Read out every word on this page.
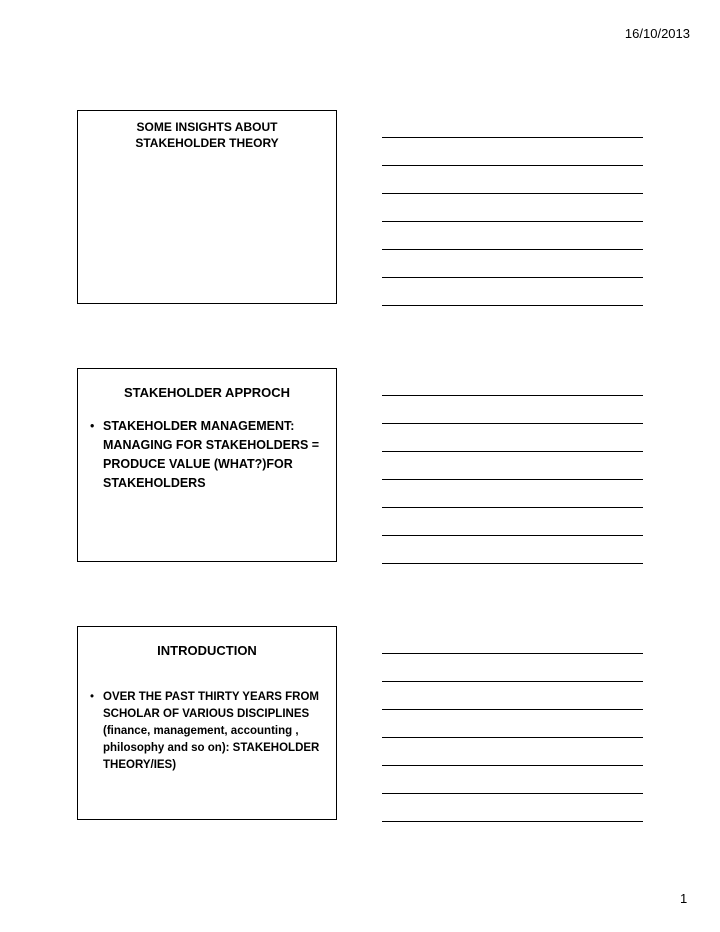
16/10/2013
SOME INSIGHTS ABOUT STAKEHOLDER THEORY
STAKEHOLDER APPROCH
• STAKEHOLDER MANAGEMENT: MANAGING FOR STAKEHOLDERS = PRODUCE VALUE (WHAT?)FOR STAKEHOLDERS
INTRODUCTION
• OVER THE PAST THIRTY YEARS FROM SCHOLAR OF VARIOUS DISCIPLINES (finance, management, accounting , philosophy and so on): STAKEHOLDER THEORY/IES)
1
